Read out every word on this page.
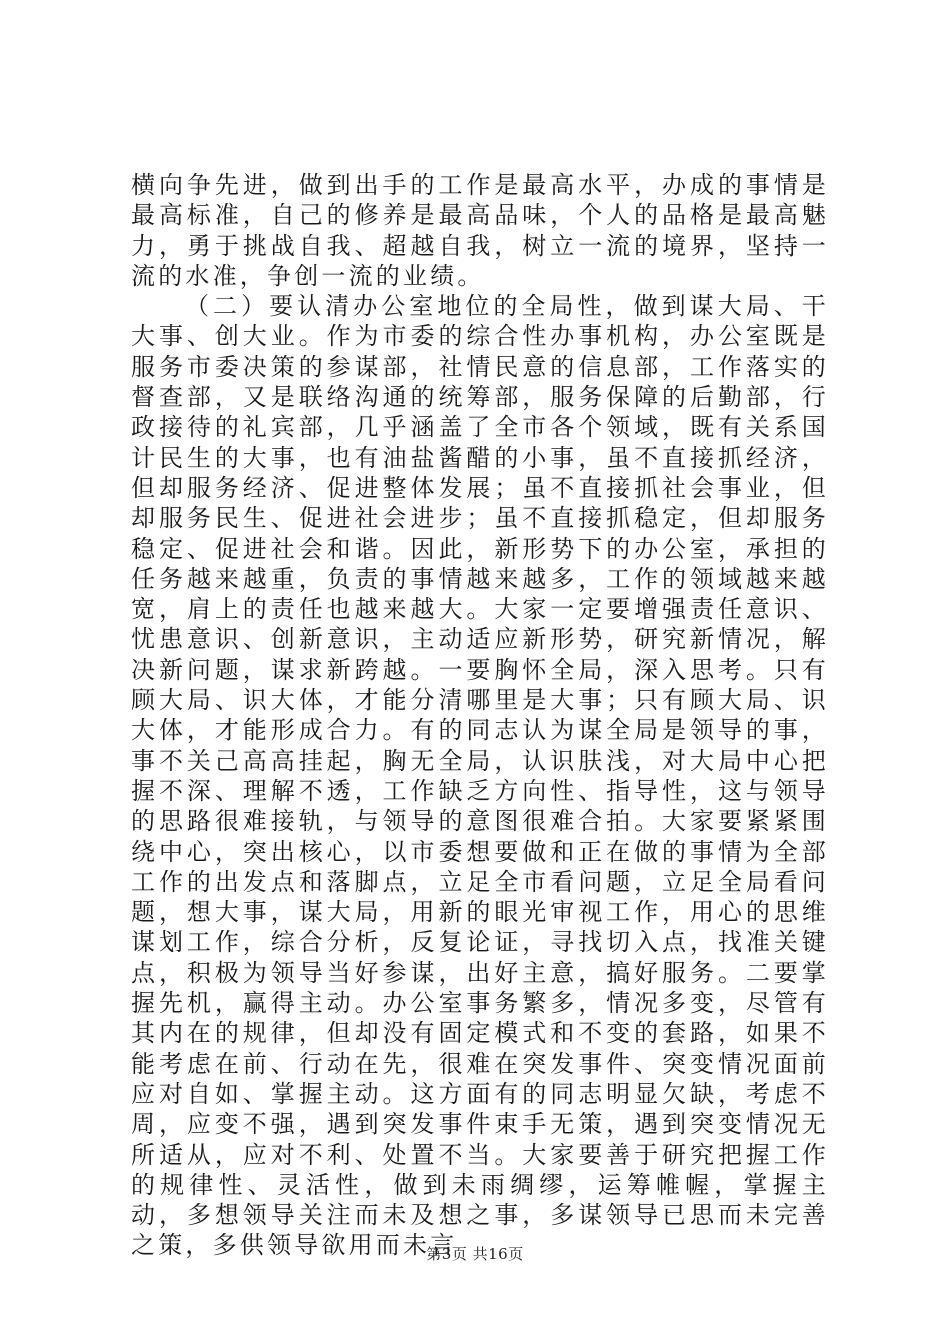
横向争先进，做到出手的工作是最高水平，办成的事情是最高标准，自己的修养是最高品味，个人的品格是最高魅力，勇于挑战自我、超越自我，树立一流的境界，坚持一流的水准，争创一流的业绩。

（二）要认清办公室地位的全局性，做到谋大局、干大事、创大业。作为市委的综合性办事机构，办公室既是服务市委决策的参谋部，社情民意的信息部，工作落实的督查部，又是联络沟通的统筹部，服务保障的后勤部，行政接待的礼宾部，几乎涵盖了全市各个领域，既有关系国计民生的大事，也有油盐酱醋的小事，虽不直接抓经济，但却服务经济、促进整体发展；虽不直接抓社会事业，但却服务民生、促进社会进步；虽不直接抓稳定，但却服务稳定、促进社会和谐。因此，新形势下的办公室，承担的任务越来越重，负责的事情越来越多，工作的领域越来越宽，肩上的责任也越来越大。大家一定要增强责任意识、忧患意识、创新意识，主动适应新形势，研究新情况，解决新问题，谋求新跨越。一要胸怀全局，深入思考。只有顾大局、识大体，才能分清哪里是大事；只有顾大局、识大体，才能形成合力。有的同志认为谋全局是领导的事，事不关己高高挂起，胸无全局，认识肤浅，对大局中心把握不深、理解不透，工作缺乏方向性、指导性，这与领导的思路很难接轨，与领导的意图很难合拍。大家要紧紧围绕中心，突出核心，以市委想要做和正在做的事情为全部工作的出发点和落脚点，立足全市看问题，立足全局看问题，想大事，谋大局，用新的眼光审视工作，用心的思维谋划工作，综合分析，反复论证，寻找切入点，找准关键点，积极为领导当好参谋，出好主意，搞好服务。二要掌握先机，赢得主动。办公室事务繁多，情况多变，尽管有其内在的规律，但却没有固定模式和不变的套路，如果不能考虑在前、行动在先，很难在突发事件、突变情况面前应对自如、掌握主动。这方面有的同志明显欠缺，考虑不周，应变不强，遇到突发事件束手无策，遇到突变情况无所适从，应对不利、处置不当。大家要善于研究把握工作的规律性、灵活性，做到未雨绸缪，运筹帷幄，掌握主动，多想领导关注而未及想之事，多谋领导已思而未完善之策，多供领导欲用而未言

第3页 共16页
